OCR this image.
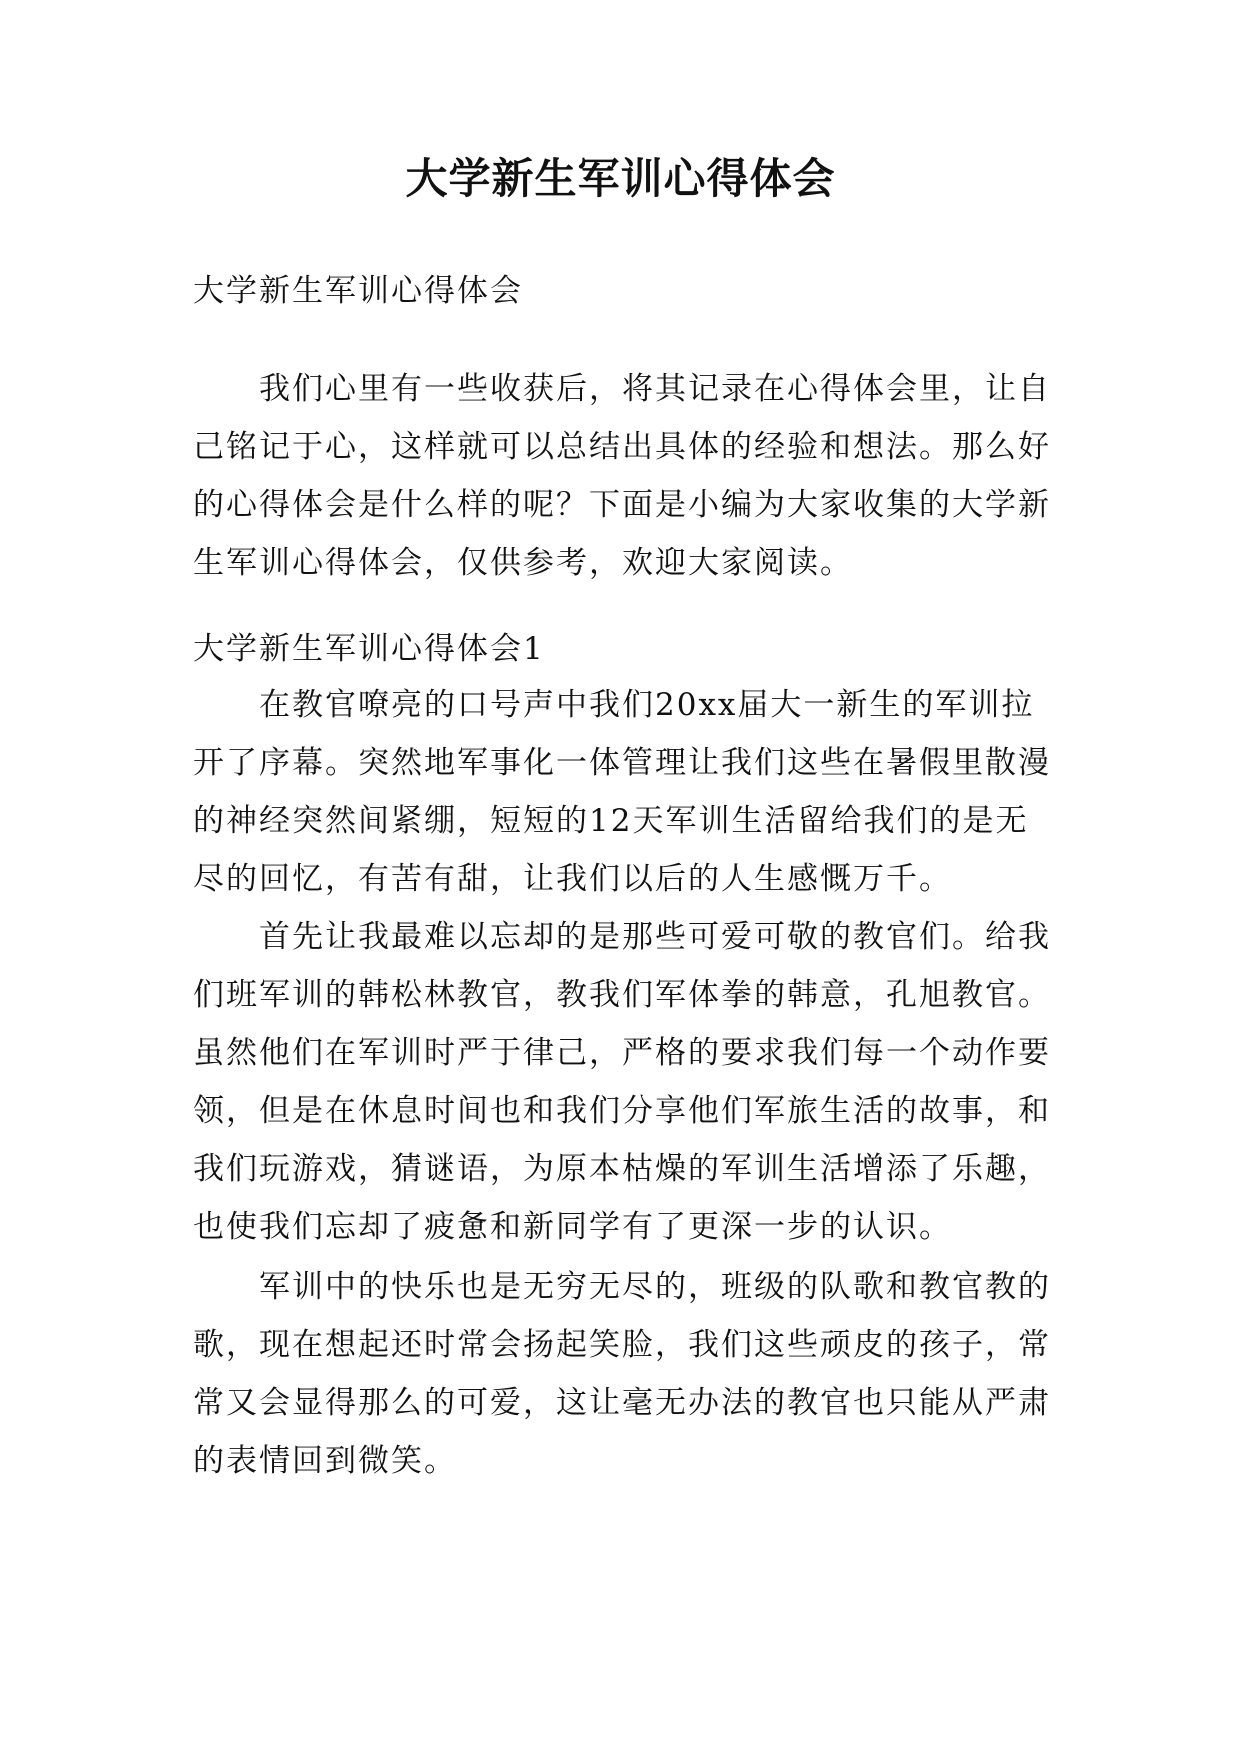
大学新生军训心得体会

大学新生军训心得体会

我们心里有一些收获后，将其记录在心得体会里，让自己铭记于心，这样就可以总结出具体的经验和想法。那么好的心得体会是什么样的呢？下面是小编为大家收集的大学新生军训心得体会，仅供参考，欢迎大家阅读。

大学新生军训心得体会1

在教官嘹亮的口号声中我们20xx届大一新生的军训拉开了序幕。突然地军事化一体管理让我们这些在暑假里散漫的神经突然间紧绷，短短的12天军训生活留给我们的是无尽的回忆，有苦有甜，让我们以后的人生感慨万千。

首先让我最难以忘却的是那些可爱可敬的教官们。给我们班军训的韩松林教官，教我们军体拳的韩意，孔旭教官。虽然他们在军训时严于律己，严格的要求我们每一个动作要领，但是在休息时间也和我们分享他们军旅生活的故事，和我们玩游戏，猜谜语，为原本枯燥的军训生活增添了乐趣，也使我们忘却了疲惫和新同学有了更深一步的认识。

军训中的快乐也是无穷无尽的，班级的队歌和教官教的歌，现在想起还时常会扬起笑脸，我们这些顽皮的孩子，常常又会显得那么的可爱，这让毫无办法的教官也只能从严肃的表情回到微笑。
